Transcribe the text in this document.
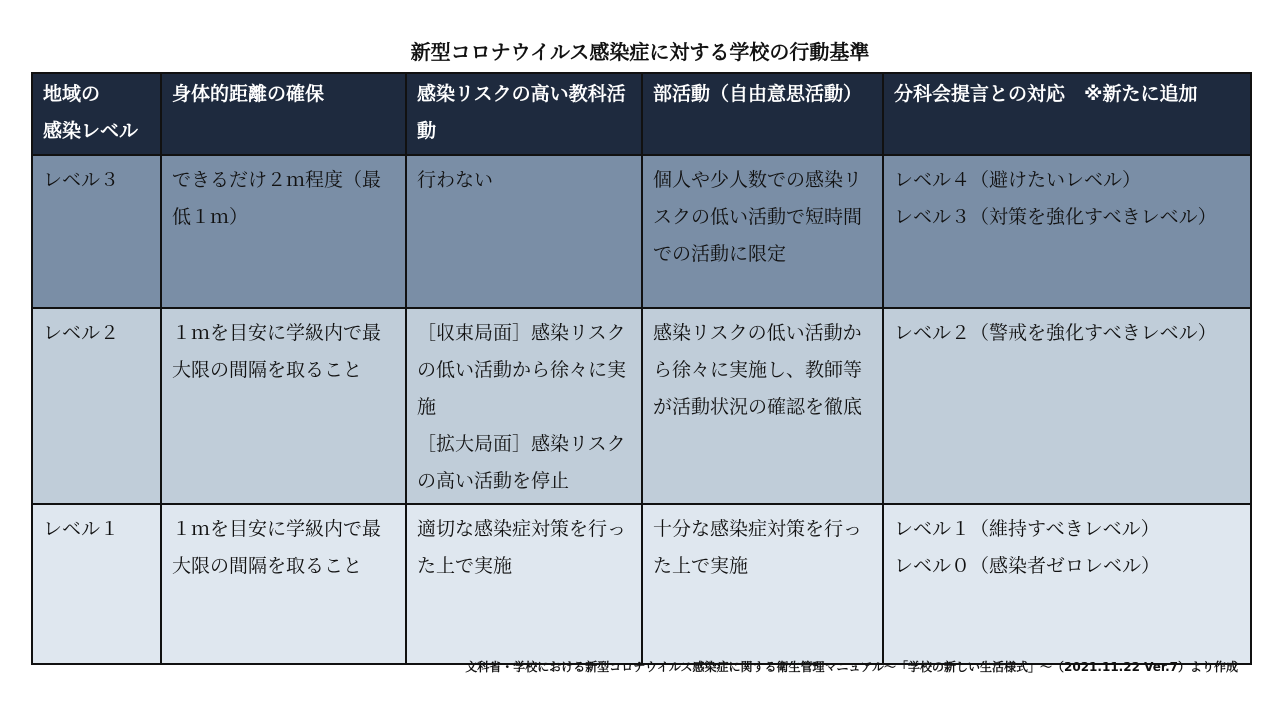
新型コロナウイルス感染症に対する学校の行動基準
地域の
感染レベル	身体的距離の確保	感染リスクの高い教科活動	部活動（自由意思活動）	分科会提言との対応　※新たに追加
レベル３	できるだけ２ｍ程度（最低１ｍ）	行わない	個人や少人数での感染リスクの低い活動で短時間での活動に限定	レベル４（避けたいレベル）
レベル３（対策を強化すべきレベル）
レベル２	１ｍを目安に学級内で最大限の間隔を取ること	［収束局面］感染リスクの低い活動から徐々に実施
［拡大局面］感染リスクの高い活動を停止	感染リスクの低い活動から徐々に実施し、教師等が活動状況の確認を徹底	レベル２（警戒を強化すべきレベル）
レベル１	１ｍを目安に学級内で最大限の間隔を取ること	適切な感染症対策を行った上で実施	十分な感染症対策を行った上で実施	レベル１（維持すべきレベル）
レベル０（感染者ゼロレベル）
文科省・学校における新型コロナウイルス感染症に関する衛生管理マニュアル～「学校の新しい生活様式」～（2021.11.22 Ver.7）より作成
